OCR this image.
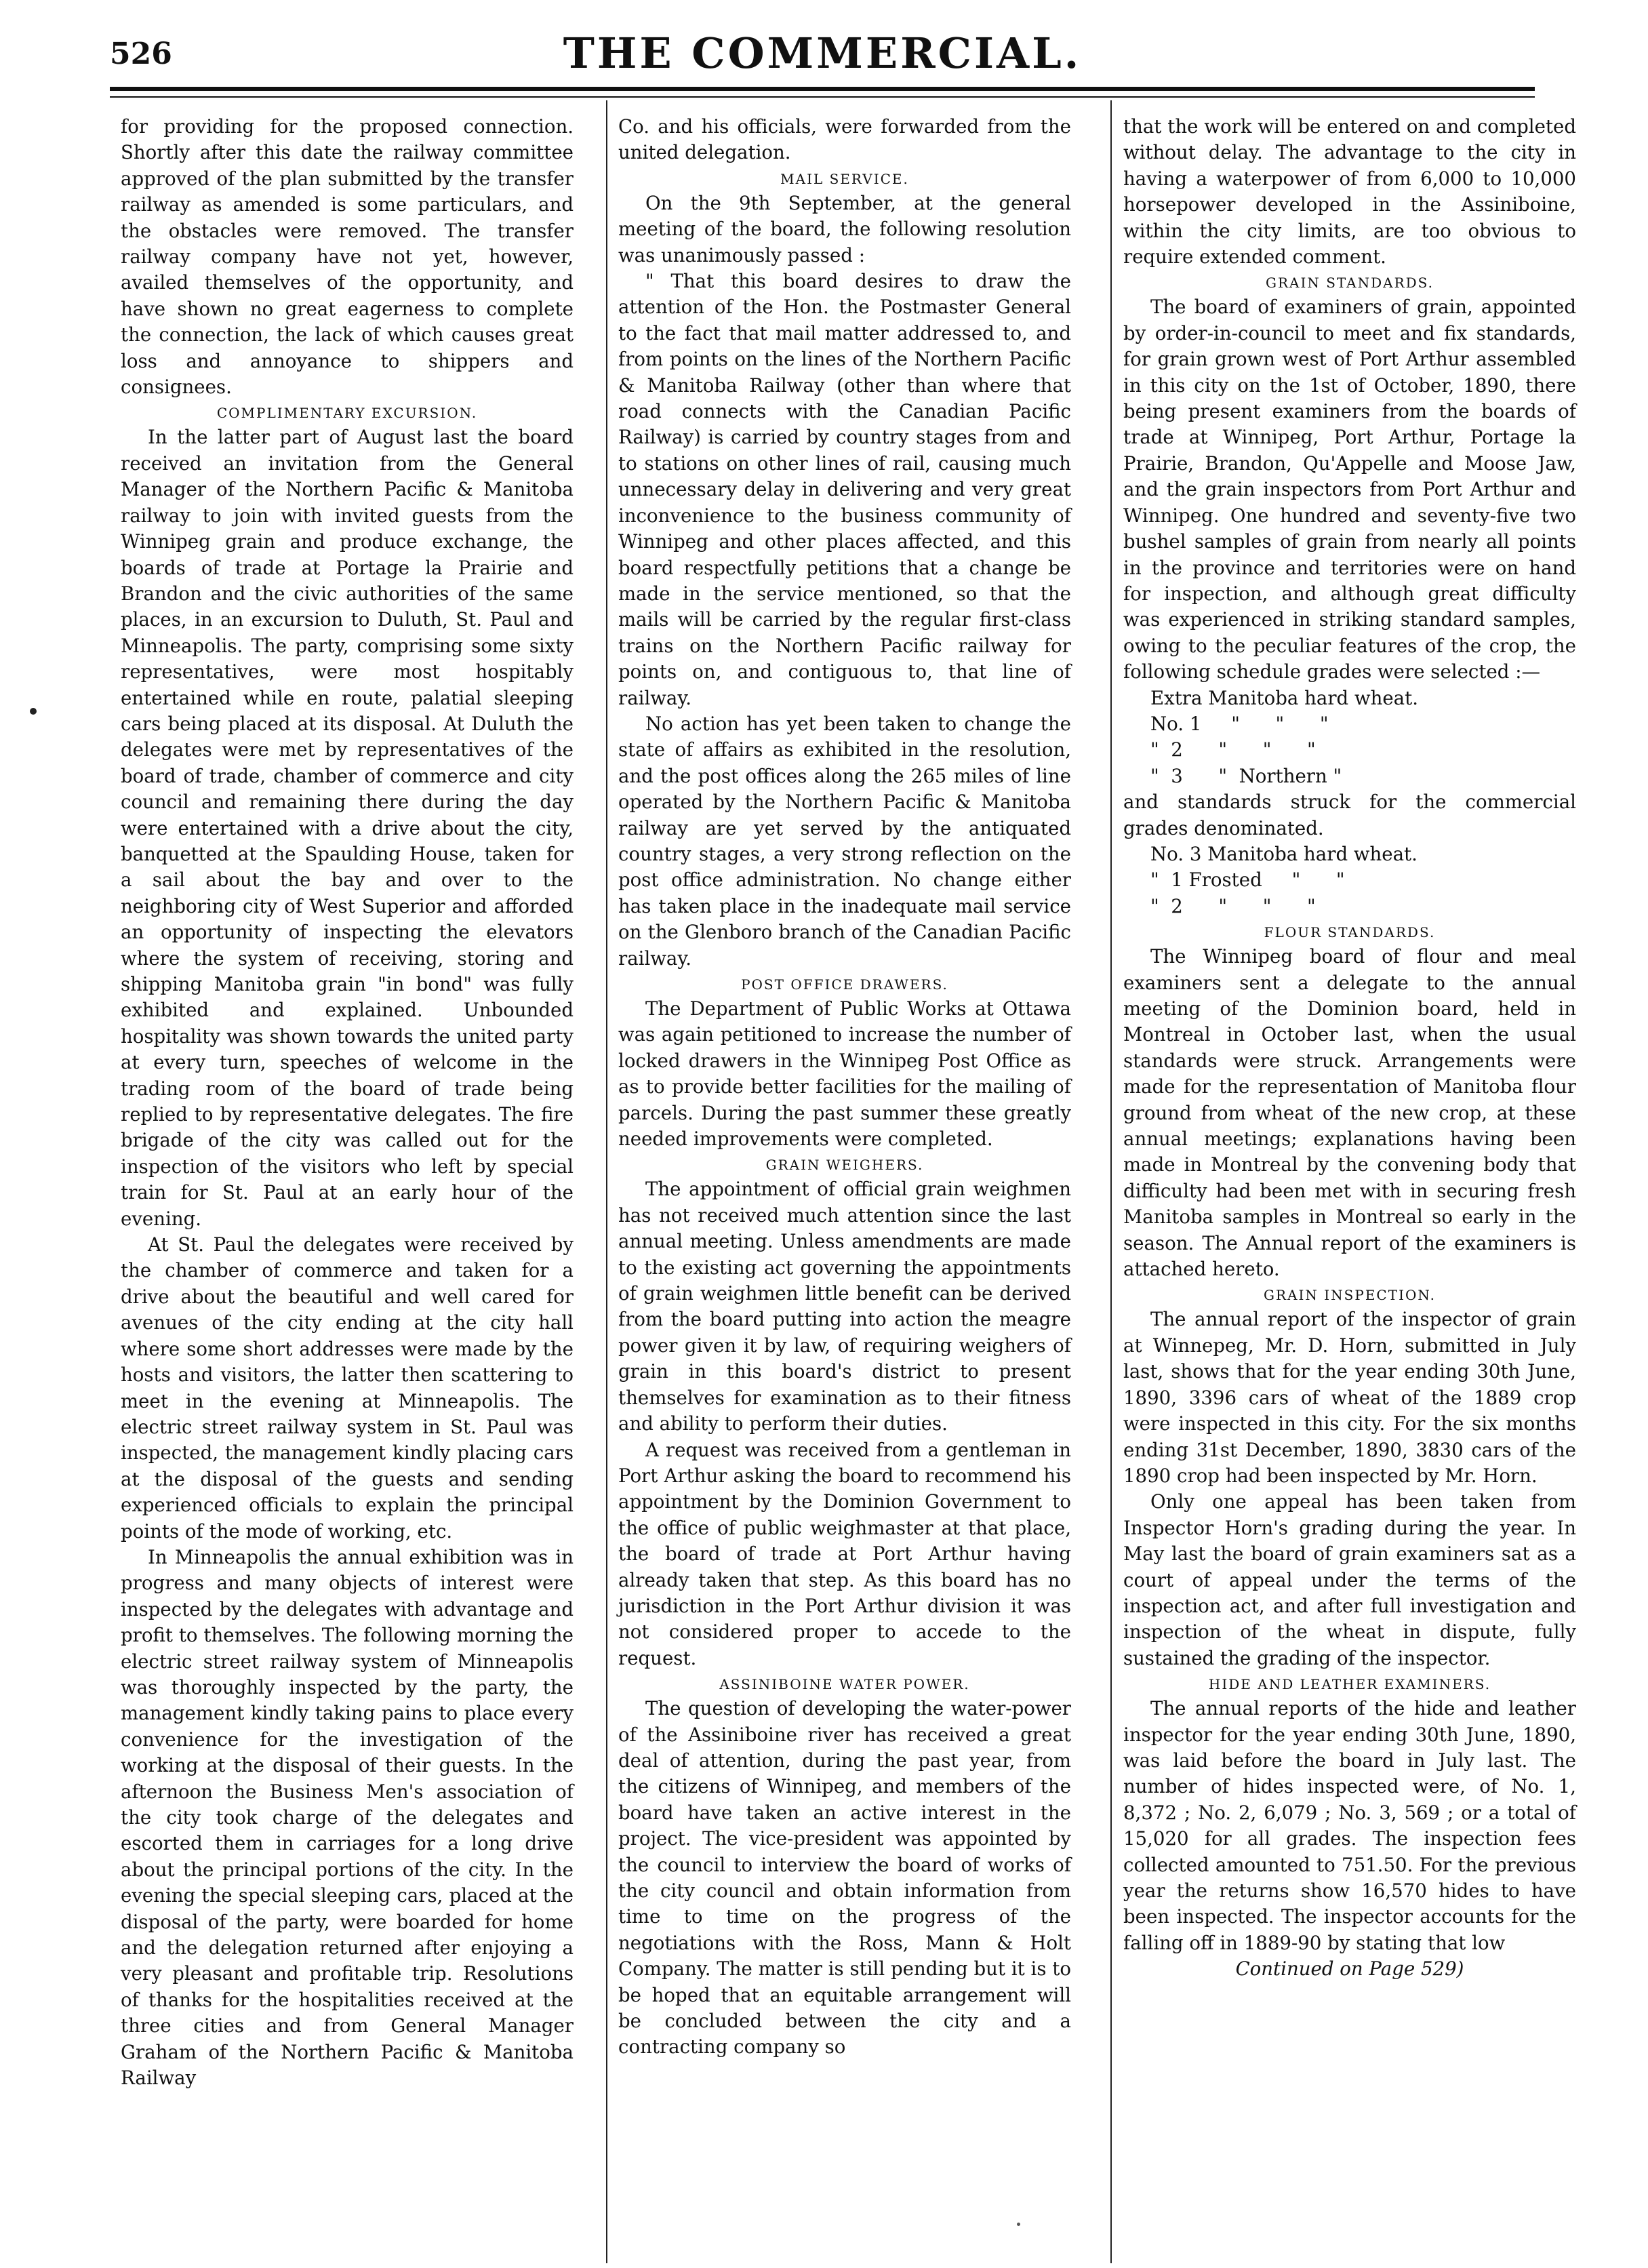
526	THE COMMERCIAL.

for providing for the proposed connection. Shortly after this date the railway committee approved of the plan submitted by the transfer railway as amended is some particulars, and the obstacles were removed. The transfer railway company have not yet, however, availed themselves of the opportunity, and have shown no great eagerness to complete the connection, the lack of which causes great loss and annoyance to shippers and consignees.

COMPLIMENTARY EXCURSION.

In the latter part of August last the board received an invitation from the General Manager of the Northern Pacific & Manitoba railway to join with invited guests from the Winnipeg grain and produce exchange, the boards of trade at Portage la Prairie and Brandon and the civic authorities of the same places, in an excursion to Duluth, St. Paul and Minneapolis. The party, comprising some sixty representatives, were most hospitably entertained while en route, palatial sleeping cars being placed at its disposal. At Duluth the delegates were met by representatives of the board of trade, chamber of commerce and city council and remaining there during the day were entertained with a drive about the city, banquetted at the Spaulding House, taken for a sail about the bay and over to the neighboring city of West Superior and afforded an opportunity of inspecting the elevators where the system of receiving, storing and shipping Manitoba grain "in bond" was fully exhibited and explained. Unbounded hospitality was shown towards the united party at every turn, speeches of welcome in the trading room of the board of trade being replied to by representative delegates. The fire brigade of the city was called out for the inspection of the visitors who left by special train for St. Paul at an early hour of the evening.

At St. Paul the delegates were received by the chamber of commerce and taken for a drive about the beautiful and well cared for avenues of the city ending at the city hall where some short addresses were made by the hosts and visitors, the latter then scattering to meet in the evening at Minneapolis. The electric street railway system in St. Paul was inspected, the management kindly placing cars at the disposal of the guests and sending experienced officials to explain the principal points of the mode of working, etc.

In Minneapolis the annual exhibition was in progress and many objects of interest were inspected by the delegates with advantage and profit to themselves. The following morning the electric street railway system of Minneapolis was thoroughly inspected by the party, the management kindly taking pains to place every convenience for the investigation of the working at the disposal of their guests. In the afternoon the Business Men's association of the city took charge of the delegates and escorted them in carriages for a long drive about the principal portions of the city. In the evening the special sleeping cars, placed at the disposal of the party, were boarded for home and the delegation returned after enjoying a very pleasant and profitable trip. Resolutions of thanks for the hospitalities received at the three cities and from General Manager Graham of the Northern Pacific & Manitoba Railway

Co. and his officials, were forwarded from the united delegation.

MAIL SERVICE.

On the 9th September, at the general meeting of the board, the following resolution was unanimously passed :

" That this board desires to draw the attention of the Hon. the Postmaster General to the fact that mail matter addressed to, and from points on the lines of the Northern Pacific & Manitoba Railway (other than where that road connects with the Canadian Pacific Railway) is carried by country stages from and to stations on other lines of rail, causing much unnecessary delay in delivering and very great inconvenience to the business community of Winnipeg and other places affected, and this board respectfully petitions that a change be made in the service mentioned, so that the mails will be carried by the regular first-class trains on the Northern Pacific railway for points on, and contiguous to, that line of railway.

No action has yet been taken to change the state of affairs as exhibited in the resolution, and the post offices along the 265 miles of line operated by the Northern Pacific & Manitoba railway are yet served by the antiquated country stages, a very strong reflection on the post office administration. No change either has taken place in the inadequate mail service on the Glenboro branch of the Canadian Pacific railway.

POST OFFICE DRAWERS.

The Department of Public Works at Ottawa was again petitioned to increase the number of locked drawers in the Winnipeg Post Office as as to provide better facilities for the mailing of parcels. During the past summer these greatly needed improvements were completed.

GRAIN WEIGHERS.

The appointment of official grain weighmen has not received much attention since the last annual meeting. Unless amendments are made to the existing act governing the appointments of grain weighmen little benefit can be derived from the board putting into action the meagre power given it by law, of requiring weighers of grain in this board's district to present themselves for examination as to their fitness and ability to perform their duties.

A request was received from a gentleman in Port Arthur asking the board to recommend his appointment by the Dominion Government to the office of public weighmaster at that place, the board of trade at Port Arthur having already taken that step. As this board has no jurisdiction in the Port Arthur division it was not considered proper to accede to the request.

ASSINIBOINE WATER POWER.

The question of developing the water-power of the Assiniboine river has received a great deal of attention, during the past year, from the citizens of Winnipeg, and members of the board have taken an active interest in the project. The vice-president was appointed by the council to interview the board of works of the city council and obtain information from time to time on the progress of the negotiations with the Ross, Mann & Holt Company. The matter is still pending but it is to be hoped that an equitable arrangement will be concluded between the city and a contracting company so

that the work will be entered on and completed without delay. The advantage to the city in having a waterpower of from 6,000 to 10,000 horsepower developed in the Assiniboine, within the city limits, are too obvious to require extended comment.

GRAIN STANDARDS.

The board of examiners of grain, appointed by order-in-council to meet and fix standards, for grain grown west of Port Arthur assembled in this city on the 1st of October, 1890, there being present examiners from the boards of trade at Winnipeg, Port Arthur, Portage la Prairie, Brandon, Qu'Appelle and Moose Jaw, and the grain inspectors from Port Arthur and Winnipeg. One hundred and seventy-five two bushel samples of grain from nearly all points in the province and territories were on hand for inspection, and although great difficulty was experienced in striking standard samples, owing to the peculiar features of the crop, the following schedule grades were selected :—

Extra Manitoba hard wheat.
No. 1     "      "      "
"  2      "      "      "
"  3      "  Northern "

and standards struck for the commercial grades denominated.

No. 3 Manitoba hard wheat.
"  1 Frosted     "      "
"  2      "      "      "
FLOUR STANDARDS.

The Winnipeg board of flour and meal examiners sent a delegate to the annual meeting of the Dominion board, held in Montreal in October last, when the usual standards were struck. Arrangements were made for the representation of Manitoba flour ground from wheat of the new crop, at these annual meetings; explanations having been made in Montreal by the convening body that difficulty had been met with in securing fresh Manitoba samples in Montreal so early in the season. The Annual report of the examiners is attached hereto.

GRAIN INSPECTION.

The annual report of the inspector of grain at Winnepeg, Mr. D. Horn, submitted in July last, shows that for the year ending 30th June, 1890, 3396 cars of wheat of the 1889 crop were inspected in this city. For the six months ending 31st December, 1890, 3830 cars of the 1890 crop had been inspected by Mr. Horn.

Only one appeal has been taken from Inspector Horn's grading during the year. In May last the board of grain examiners sat as a court of appeal under the terms of the inspection act, and after full investigation and inspection of the wheat in dispute, fully sustained the grading of the inspector.

HIDE AND LEATHER EXAMINERS.

The annual reports of the hide and leather inspector for the year ending 30th June, 1890, was laid before the board in July last. The number of hides inspected were, of No. 1, 8,372 ; No. 2, 6,079 ; No. 3, 569 ; or a total of 15,020 for all grades. The inspection fees collected amounted to 751.50. For the previous year the returns show 16,570 hides to have been inspected. The inspector accounts for the falling off in 1889-90 by stating that low

Continued on Page 529)
